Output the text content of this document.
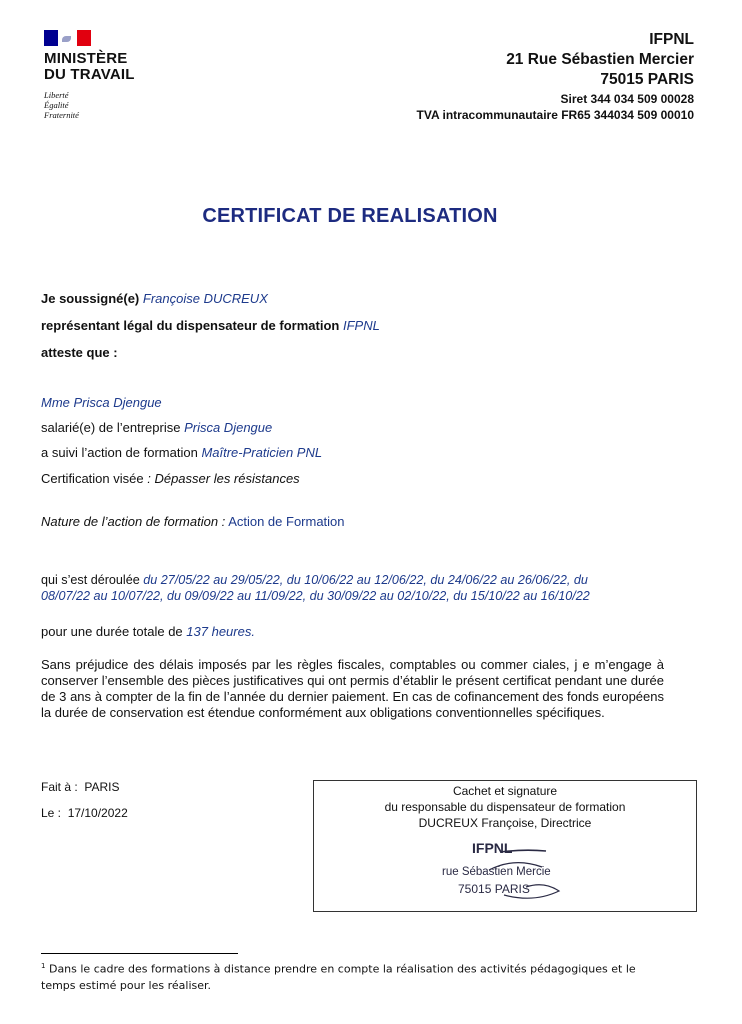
MINISTÈRE
DU TRAVAIL
Liberté
Égalité
Fraternité
IFPNL
21 Rue Sébastien Mercier
75015 PARIS
Siret 344 034 509 00028
TVA intracommunautaire FR65 344034 509 00010
CERTIFICAT DE REALISATION
Je soussigné(e) Françoise DUCREUX
représentant légal du dispensateur de formation IFPNL
atteste que :
Mme Prisca Djengue
salarié(e) de l’entreprise Prisca Djengue
a suivi l’action de formation Maître-Praticien PNL
Certification visée : Dépasser les résistances
Nature de l’action de formation : Action de Formation
qui s’est déroulée du 27/05/22 au 29/05/22, du 10/06/22 au 12/06/22, du 24/06/22 au 26/06/22, du
08/07/22 au 10/07/22, du 09/09/22 au 11/09/22, du 30/09/22 au 02/10/22, du 15/10/22 au 16/10/22
pour une durée totale de 137 heures.
Sans préjudice des délais imposés par les règles fiscales, comptables ou commer ciales, j e m’engage à conserver l’ensemble des pièces justificatives qui ont permis d’établir le présent certificat pendant une durée de 3 ans à compter de la fin de l’année du dernier paiement. En cas de cofinancement des fonds européens la durée de conservation est étendue conformément aux obligations conventionnelles spécifiques.
Fait à : PARIS
Le : 17/10/2022
Cachet et signature
du responsable du dispensateur de formation
DUCREUX Françoise, Directrice
IFPNL
rue Sébastien Mercie
75015 PARIS
$^1$ Dans le cadre des formations à distance prendre en compte la réalisation des activités pédagogiques et le temps estimé pour les réaliser.
